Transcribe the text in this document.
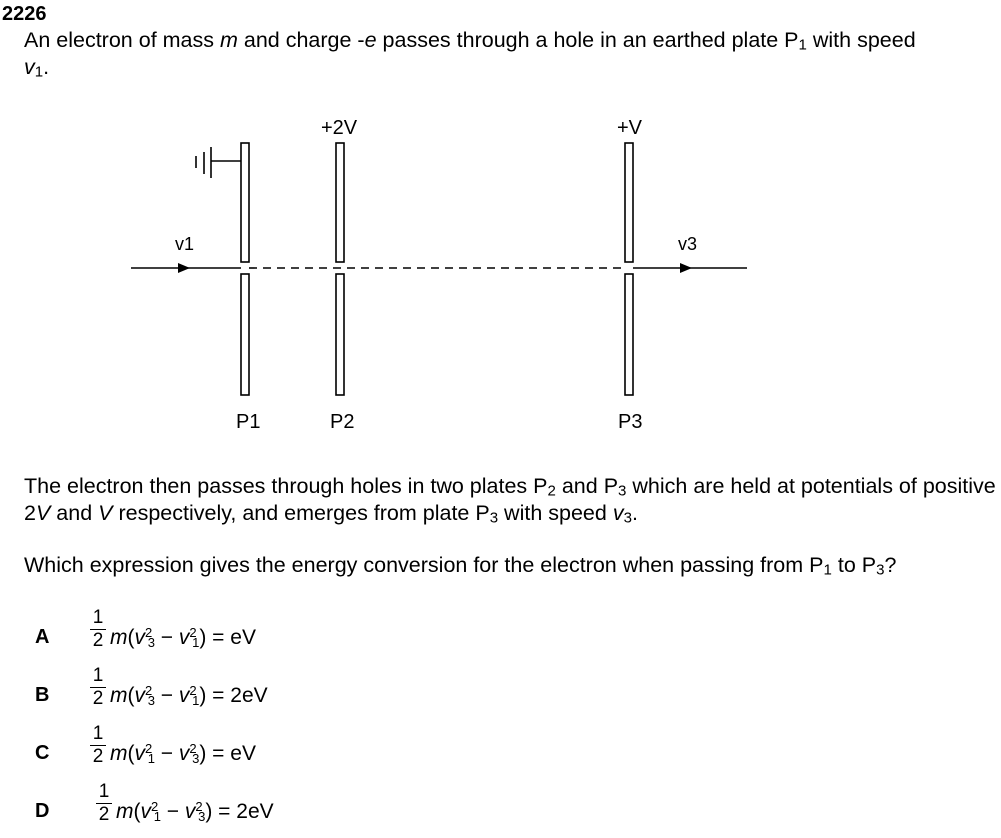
2226

An electron of mass m and charge -e passes through a hole in an earthed plate $P_1$ with speed
$v_1$.

+2V	+V
v1	v3
P1	P2	P3

The electron then passes through holes in two plates $P_2$ and $P_3$ which are held at potentials of positive 2V and V respectively, and emerges from plate $P_3$ with speed $v_3$.

Which expression gives the energy conversion for the electron when passing from $P_1$ to $P_3$?

A
1
2 $m(v^2_3 - v^2_1)$ = eV
B
1
2 $m(v^2_3 - v^2_1) = 2eV$
C
1
2 $m(v^2_1 - v^2_3)$ = eV
D
1
2 $m(v^2_1 - v^2_3) = 2eV$
